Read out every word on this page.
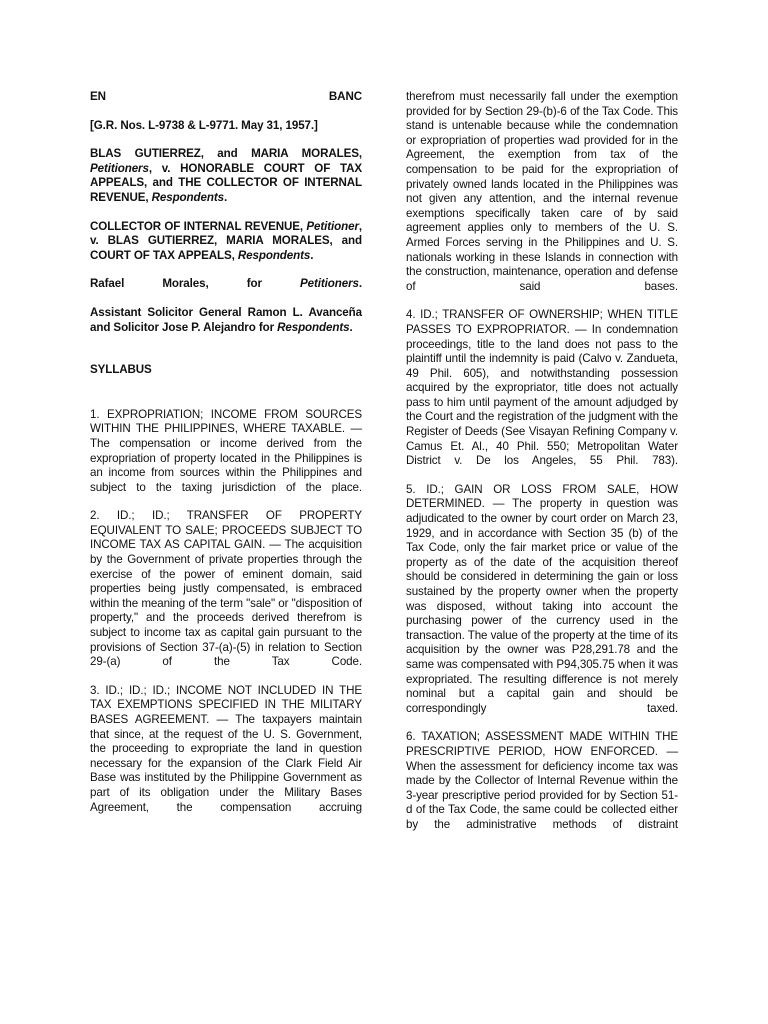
EN	BANC

[G.R. Nos. L-9738 & L-9771. May 31, 1957.]

BLAS GUTIERREZ, and MARIA MORALES, Petitioners, v. HONORABLE COURT OF TAX APPEALS, and THE COLLECTOR OF INTERNAL REVENUE, Respondents.

COLLECTOR OF INTERNAL REVENUE, Petitioner, v. BLAS GUTIERREZ, MARIA MORALES, and COURT OF TAX APPEALS, Respondents.

Rafael Morales, for	Petitioners.

Assistant Solicitor General Ramon L. Avanceña and Solicitor Jose P. Alejandro for Respondents.

SYLLABUS

1. EXPROPRIATION; INCOME FROM SOURCES WITHIN THE PHILIPPINES, WHERE TAXABLE. — The compensation or income derived from the expropriation of property located in the Philippines is an income from sources within the Philippines and subject to the taxing jurisdiction of the place.

2. ID.; ID.; TRANSFER OF PROPERTY EQUIVALENT TO SALE; PROCEEDS SUBJECT TO INCOME TAX AS CAPITAL GAIN. — The acquisition by the Government of private properties through the exercise of the power of eminent domain, said properties being justly compensated, is embraced within the meaning of the term "sale" or "disposition of property," and the proceeds derived therefrom is subject to income tax as capital gain pursuant to the provisions of Section 37-(a)-(5) in relation to Section 29-(a) of the Tax Code.

3. ID.; ID.; ID.; INCOME NOT INCLUDED IN THE TAX EXEMPTIONS SPECIFIED IN THE MILITARY BASES AGREEMENT. — The taxpayers maintain that since, at the request of the U. S. Government, the proceeding to expropriate the land in question necessary for the expansion of the Clark Field Air Base was instituted by the Philippine Government as part of its obligation under the Military Bases Agreement, the compensation accruing

therefrom must necessarily fall under the exemption provided for by Section 29-(b)-6 of the Tax Code. This stand is untenable because while the condemnation or expropriation of properties wad provided for in the Agreement, the exemption from tax of the compensation to be paid for the expropriation of privately owned lands located in the Philippines was not given any attention, and the internal revenue exemptions specifically taken care of by said agreement applies only to members of the U. S. Armed Forces serving in the Philippines and U. S. nationals working in these Islands in connection with the construction, maintenance, operation and defense of said bases.

4. ID.; TRANSFER OF OWNERSHIP; WHEN TITLE PASSES TO EXPROPRIATOR. — In condemnation proceedings, title to the land does not pass to the plaintiff until the indemnity is paid (Calvo v. Zandueta, 49 Phil. 605), and notwithstanding possession acquired by the expropriator, title does not actually pass to him until payment of the amount adjudged by the Court and the registration of the judgment with the Register of Deeds (See Visayan Refining Company v. Camus Et. Al., 40 Phil. 550; Metropolitan Water District v. De los Angeles, 55 Phil. 783).

5. ID.; GAIN OR LOSS FROM SALE, HOW DETERMINED. — The property in question was adjudicated to the owner by court order on March 23, 1929, and in accordance with Section 35 (b) of the Tax Code, only the fair market price or value of the property as of the date of the acquisition thereof should be considered in determining the gain or loss sustained by the property owner when the property was disposed, without taking into account the purchasing power of the currency used in the transaction. The value of the property at the time of its acquisition by the owner was P28,291.78 and the same was compensated with P94,305.75 when it was expropriated. The resulting difference is not merely nominal but a capital gain and should be correspondingly taxed.

6. TAXATION; ASSESSMENT MADE WITHIN THE PRESCRIPTIVE PERIOD, HOW ENFORCED. — When the assessment for deficiency income tax was made by the Collector of Internal Revenue within the 3-year prescriptive period provided for by Section 51-d of the Tax Code, the same could be collected either by the administrative methods of distraint
